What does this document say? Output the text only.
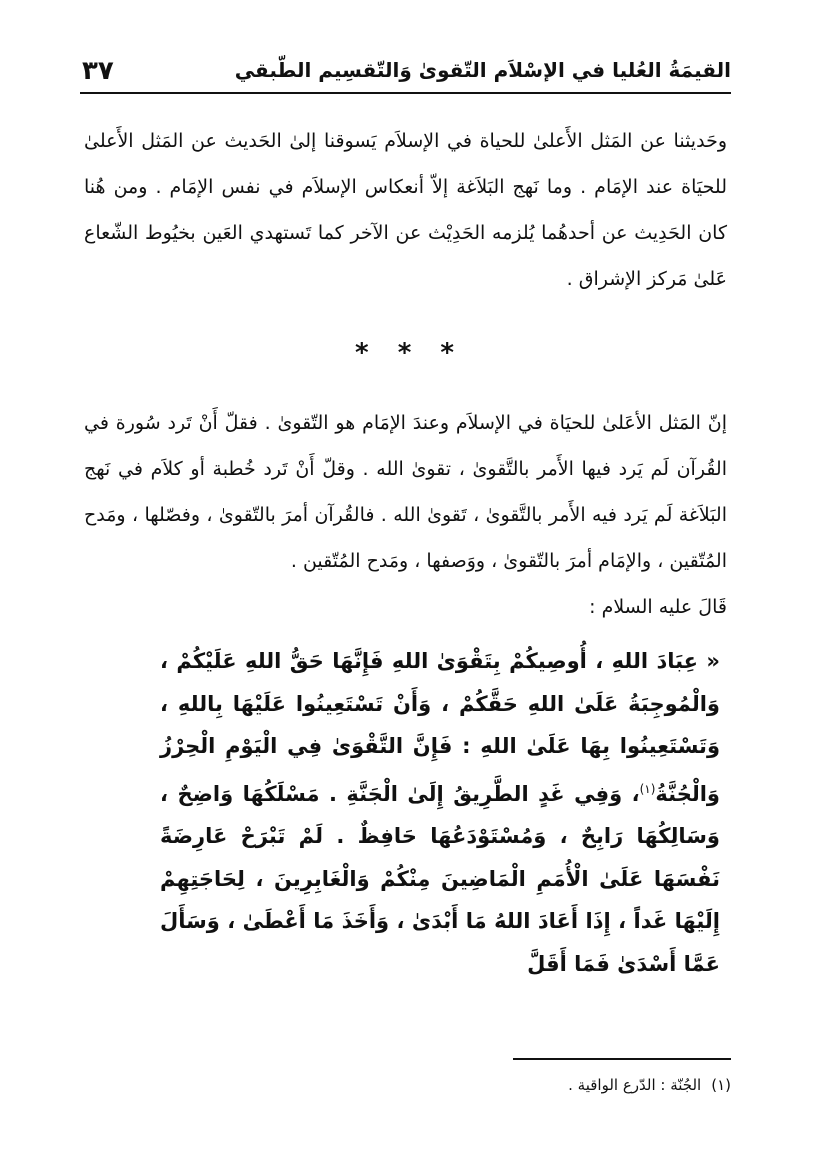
القيمَةُ العُليا في الإسْلاَم التّقوىٰ وَالتّقسِيم الطّبقي
٣٧
وحَديثنا عن المَثل الأَعلىٰ للحياة في الإسلاَم يَسوقنا إلىٰ الحَديث عن المَثل الأَعلىٰ للحيَاة عند الإمَام . وما نَهج البَلاَغة إلاّ أنعكاس الإسلاَم في نفس الإمَام . ومن هُنا كان الحَدِيث عن أحدهُما يُلزمه الحَدِيْث عن الآخر كما تَستهدي العَين بخيُوط الشّعاع عَلىٰ مَركز الإشراق .
* * *
إنّ المَثل الأعَلىٰ للحيَاة في الإسلاَم وعندَ الإمَام هو التّقوىٰ . فقلّ أَنْ تَرد سُورة في القُرآن لَم يَرد فيها الأَمر بالتَّقوىٰ ، تقوىٰ الله . وقلّ أَنْ تَرد خُطبة أو كلاَم في نَهج البَلاَغة لَم يَرد فيه الأَمر بالتَّقوىٰ ، تَقوىٰ الله . فالقُرآن أمرَ بالتّقوىٰ ، وفصّلها ، ومَدح المُتّقين ، والإمَام أمرَ بالتّقوىٰ ، ووَصفها ، ومَدح المُتّقين .
قَالَ عليه السلام :
« عِبَادَ اللهِ ، أُوصِيكُمْ بِتَقْوَىٰ اللهِ فَإِنَّهَا حَقُّ اللهِ عَلَيْكُمْ ، وَالْمُوجِبَةُ عَلَىٰ اللهِ حَقَّكُمْ ، وَأَنْ تَسْتَعِينُوا عَلَيْهَا بِاللهِ ، وَتَسْتَعِينُوا بِهَا عَلَىٰ اللهِ : فَإِنَّ التَّقْوَىٰ فِي الْيَوْمِ الْحِرْزُ وَالْجُنَّةُ$^{(١)}$، وَفِي غَدٍ الطَّرِيقُ إِلَىٰ الْجَنَّةِ . مَسْلَكُهَا وَاضِحٌ ، وَسَالِكُهَا رَابِحٌ ، وَمُسْتَوْدَعُهَا حَافِظٌ . لَمْ تَبْرَحْ عَارِضَةً نَفْسَهَا عَلَىٰ الْأُمَمِ الْمَاضِينَ مِنْكُمْ وَالْغَابِرِينَ ، لِحَاجَتِهِمْ إِلَيْهَا غَداً ، إِذَا أَعَادَ اللهُ مَا أَبْدَىٰ ، وَأَخَذَ مَا أَعْطَىٰ ، وَسَأَلَ عَمَّا أَسْدَىٰ فَمَا أَقَلَّ
(١)الجُنّة : الدّرع الواقية .
